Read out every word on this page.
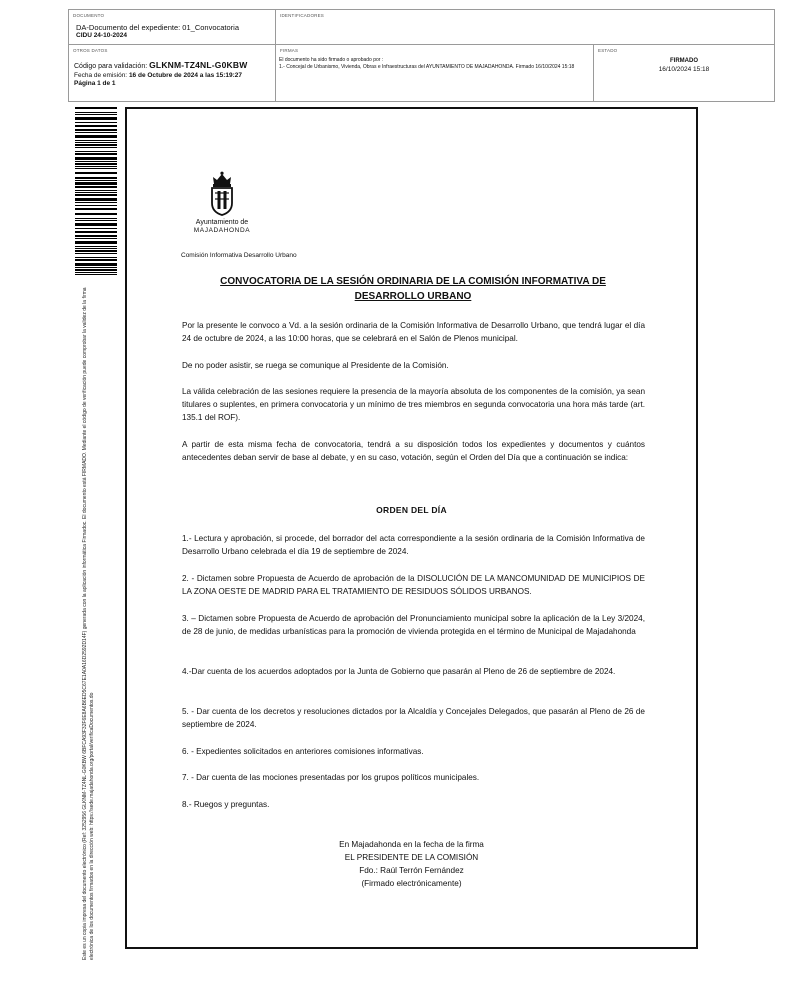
DOCUMENTO
DA-Documento del expediente: 01_Convocatoria
CIDU 24-10-2024
IDENTIFICADORES
OTROS DATOS
Código para validación: GLKNM-TZ4NL-G0KBW
Fecha de emisión: 16 de Octubre de 2024 a las 15:19:27
Página 1 de 1
FIRMAS
El documento ha sido firmado o aprobado por :
1.- Concejal de Urbanismo, Vivienda, Obras e Infraestructuras del AYUNTAMIENTO DE MAJADAHONDA. Firmado 16/10/2024 15:18
ESTADO
FIRMADO
16/10/2024 15:18
Este es un copia impresa del documento electrónico (Ref: 3252956 GLKNM-TZ4NL-G0KBW 6BFCA93F32F6E8A6B6ED5C67E1A0A16D2592D14F) generada con la aplicación informática Firmadoc. El documento está FIRMADO. Mediante el código de verificación puede comprobar la validez de la firma electrónica de los documentos firmados en la dirección web: https://sede.majadahonda.org/portal/verificaDocumentos.do
Ayuntamiento de
MAJADAHONDA
Comisión Informativa Desarrollo Urbano
CONVOCATORIA DE LA SESIÓN ORDINARIA DE LA COMISIÓN INFORMATIVA DE DESARROLLO URBANO
Por la presente le convoco a Vd. a la sesión ordinaria de la Comisión Informativa de Desarrollo Urbano, que tendrá lugar el día 24 de octubre de 2024, a las 10:00 horas, que se celebrará en el Salón de Plenos municipal.
De no poder asistir, se ruega se comunique al Presidente de la Comisión.
La válida celebración de las sesiones requiere la presencia de la mayoría absoluta de los componentes de la comisión, ya sean titulares o suplentes, en primera convocatoria y un mínimo de tres miembros en segunda convocatoria una hora más tarde (art. 135.1 del ROF).
A partir de esta misma fecha de convocatoria, tendrá a su disposición todos los expedientes y documentos y cuántos antecedentes deban servir de base al debate, y en su caso, votación, según el Orden del Día que a continuación se indica:
ORDEN DEL DÍA
1.- Lectura y aprobación, si procede, del borrador del acta correspondiente a la sesión ordinaria de la Comisión Informativa de Desarrollo Urbano celebrada el día 19 de septiembre de 2024.
2. - Dictamen sobre Propuesta de Acuerdo de aprobación de la DISOLUCIÓN DE LA MANCOMUNIDAD DE MUNICIPIOS DE LA ZONA OESTE DE MADRID PARA EL TRATAMIENTO DE RESIDUOS SÓLIDOS URBANOS.
3. – Dictamen sobre Propuesta de Acuerdo de aprobación del Pronunciamiento municipal sobre la aplicación de la Ley 3/2024, de 28 de junio, de medidas urbanísticas para la promoción de vivienda protegida en el término de Municipal de Majadahonda
4.-Dar cuenta de los acuerdos adoptados por la Junta de Gobierno que pasarán al Pleno de 26 de septiembre de 2024.
5. - Dar cuenta de los decretos y resoluciones dictados por la Alcaldía y Concejales Delegados, que pasarán al Pleno de 26 de septiembre de 2024.
6. - Expedientes solicitados en anteriores comisiones informativas.
7. - Dar cuenta de las mociones presentadas por los grupos políticos municipales.
8.- Ruegos y preguntas.
En Majadahonda en la fecha de la firma
EL PRESIDENTE DE LA COMISIÓN
Fdo.: Raúl Terrón Fernández
(Firmado electrónicamente)
